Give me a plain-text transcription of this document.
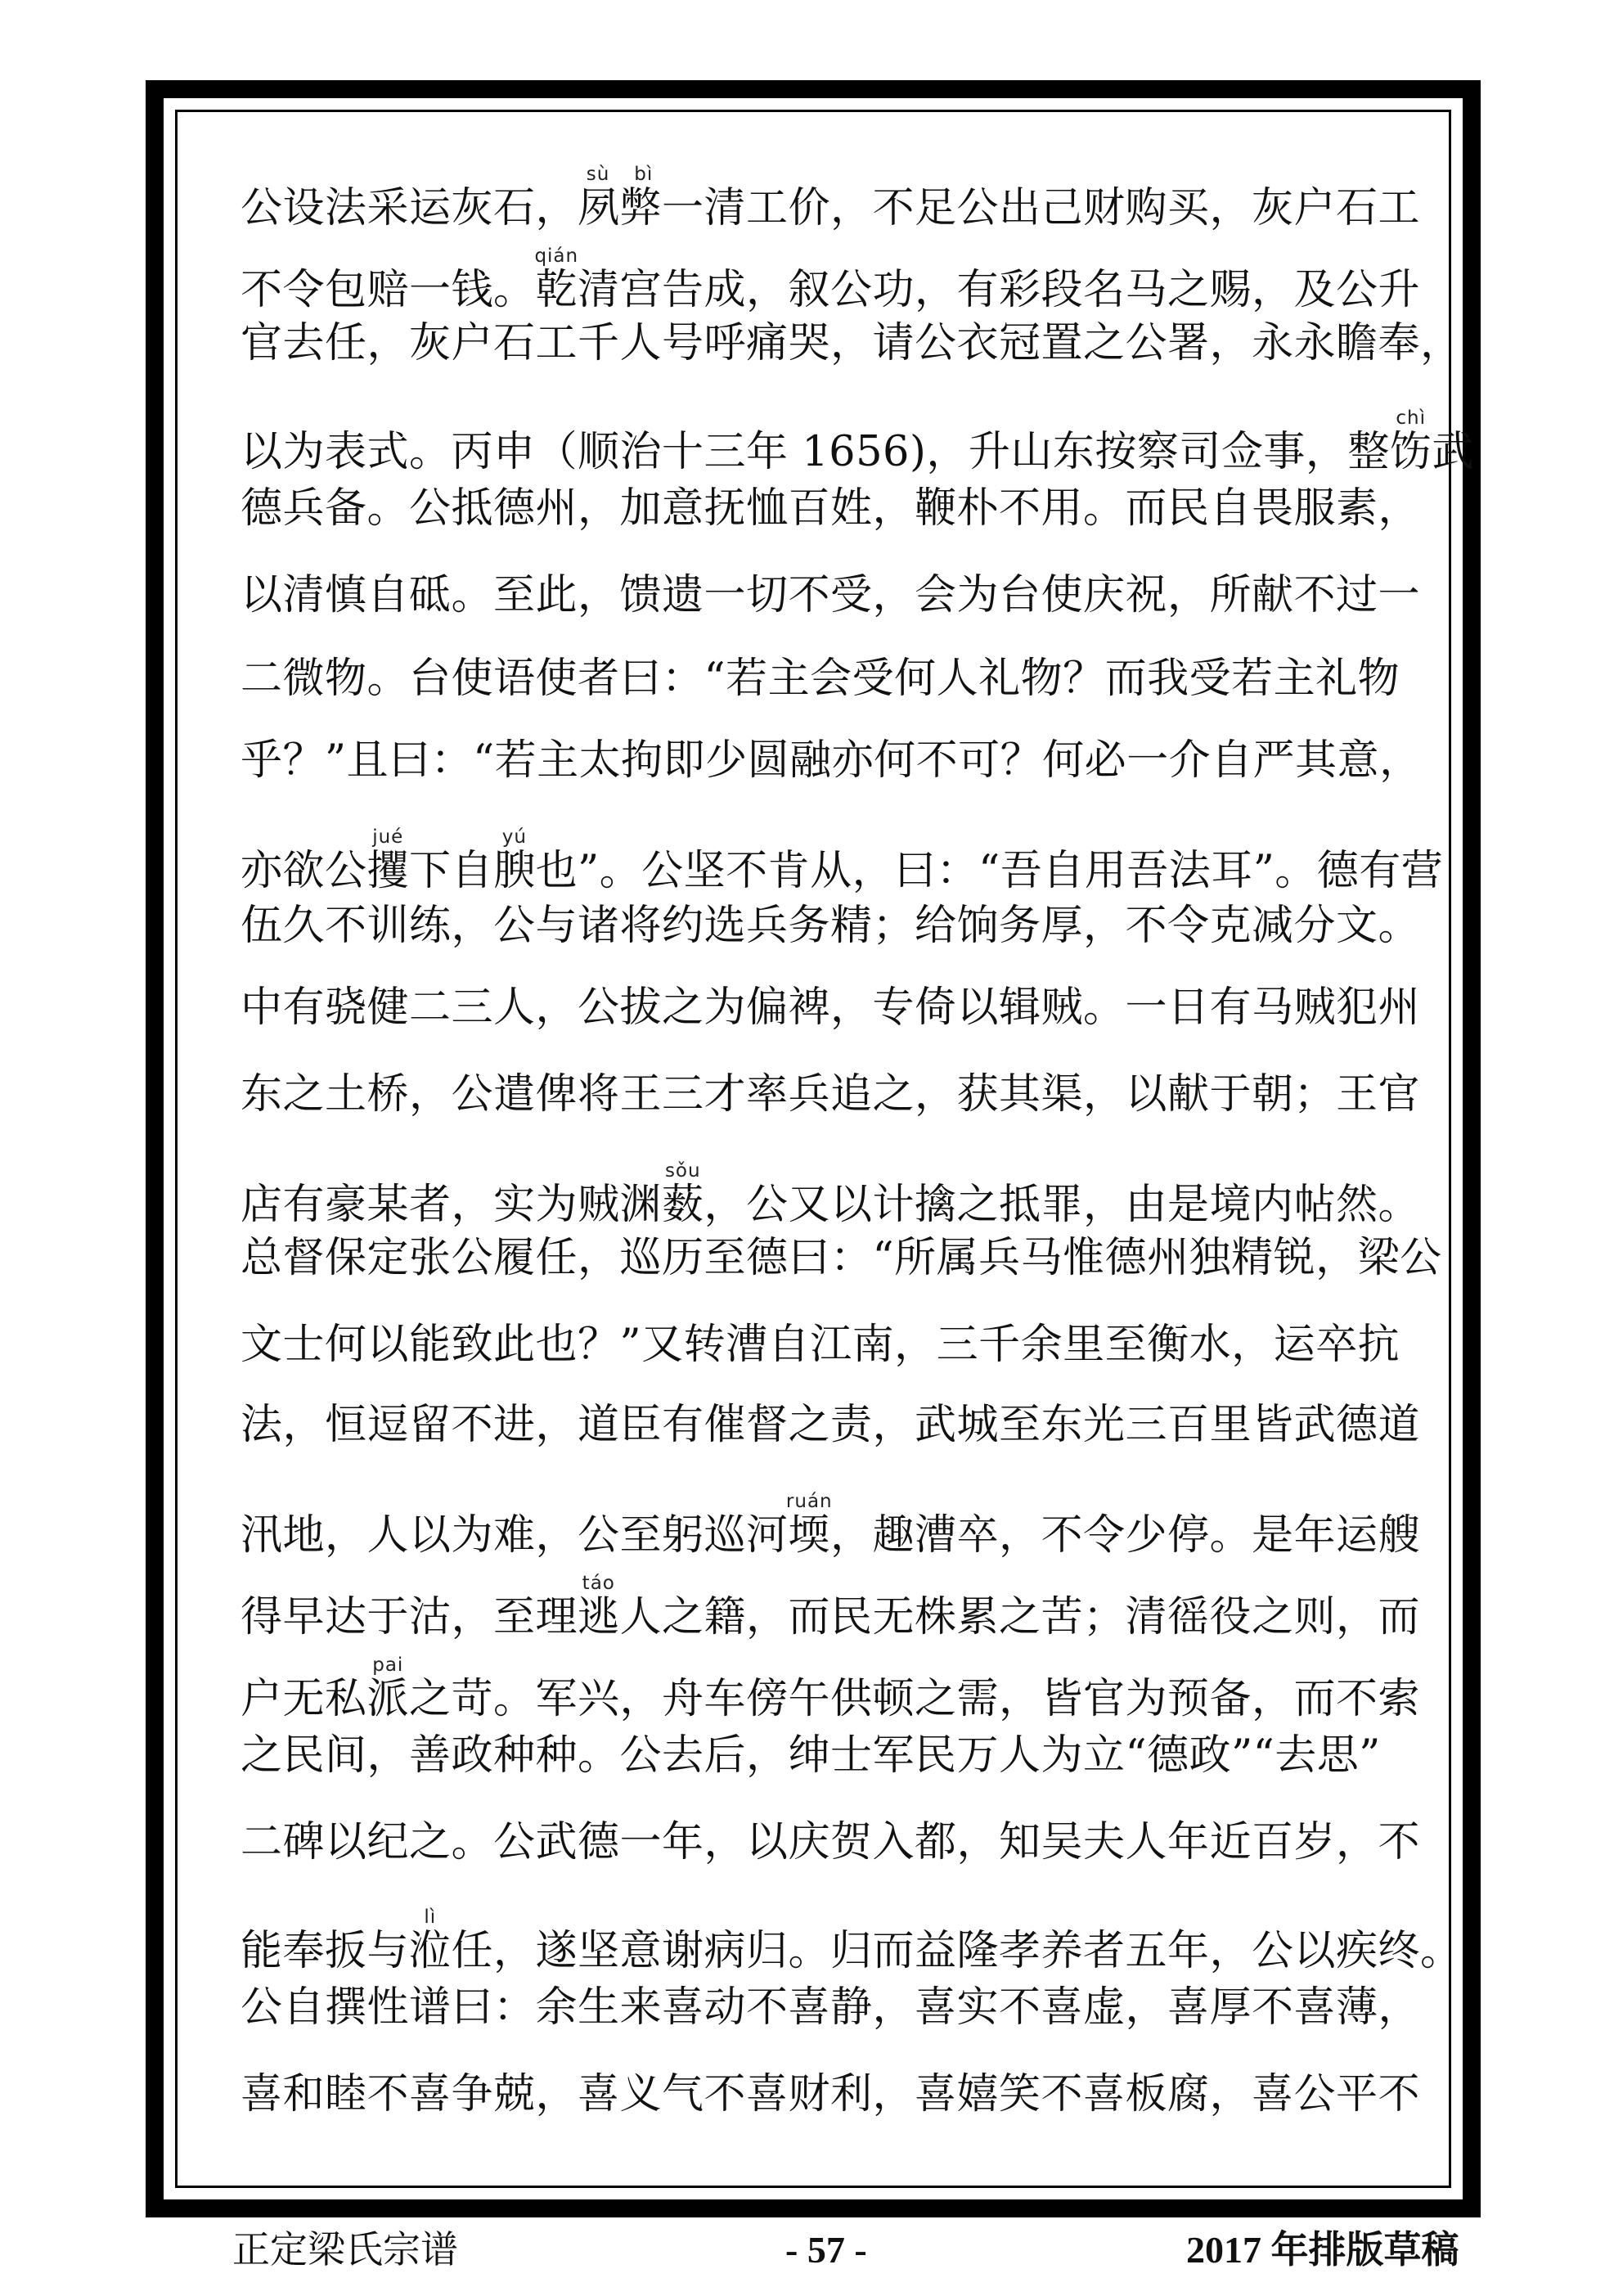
公设法采运灰石，夙弊sù bì一清工价，不足公出己财购买，灰户石工
不令包赔一钱。乾qián清宫告成，叙公功，有彩段名马之赐，及公升
官去任，灰户石工千人号呼痛哭，请公衣冠置之公署，永永瞻奉，
以为表式。丙申（顺治十三年 1656)，升山东按察司佥事，整饬chì武
德兵备。公抵德州，加意抚恤百姓，鞭朴不用。而民自畏服素，
以清慎自砥。至此，馈遗一切不受，会为台使庆祝，所献不过一
二微物。台使语使者曰：“若主会受何人礼物？而我受若主礼物
乎？”且曰：“若主太拘即少圆融亦何不可？何必一介自严其意，
亦欲公攫jué下自腴yú也”。公坚不肯从，曰：“吾自用吾法耳”。德有营
伍久不训练，公与诸将约选兵务精；给饷务厚，不令克减分文。
中有骁健二三人，公拔之为偏裨，专倚以辑贼。一日有马贼犯州
东之土桥，公遣俾将王三才率兵追之，获其渠，以献于朝；王官
店有豪某者，实为贼渊薮sǒu，公又以计擒之抵罪，由是境内帖然。
总督保定张公履任，巡历至德曰：“所属兵马惟德州独精锐，梁公
文士何以能致此也？”又转漕自江南，三千余里至衡水，运卒抗
法，恒逗留不进，道臣有催督之责，武城至东光三百里皆武德道
汛地，人以为难，公至躬巡河堧ruán，趣漕卒，不令少停。是年运艘
得早达于沽，至理逃táo人之籍，而民无株累之苦；清徭役之则，而
户无私派pai之苛。军兴，舟车傍午供顿之需，皆官为预备，而不索
之民间，善政种种。公去后，绅士军民万人为立“德政”“去思”
二碑以纪之。公武德一年，以庆贺入都，知吴夫人年近百岁，不
能奉扳与涖lì任，遂坚意谢病归。归而益隆孝养者五年，公以疾终。
公自撰性谱曰：余生来喜动不喜静，喜实不喜虚，喜厚不喜薄，
喜和睦不喜争兢，喜义气不喜财利，喜嬉笑不喜板腐，喜公平不
正定梁氏宗谱	- 57 -	2017 年排版草稿
